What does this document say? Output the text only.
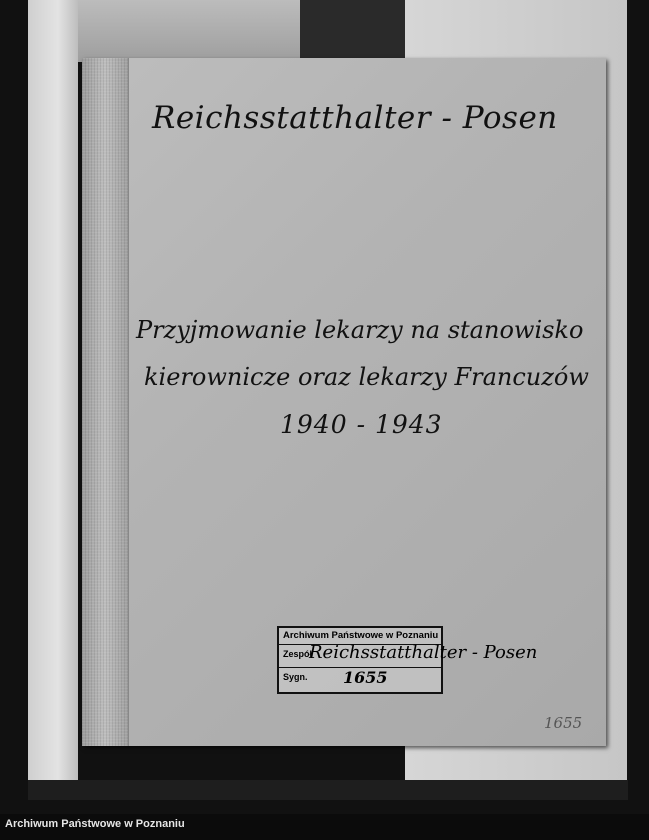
Reichsstatthalter - Posen
Przyjmowanie lekarzy na stanowisko
kierownicze oraz lekarzy Francuzów
1940 - 1943
Archiwum Państwowe w Poznaniu
Zespół
Reichsstatthalter - Posen
Sygn. 1655
1655
Archiwum Państwowe w Poznaniu
